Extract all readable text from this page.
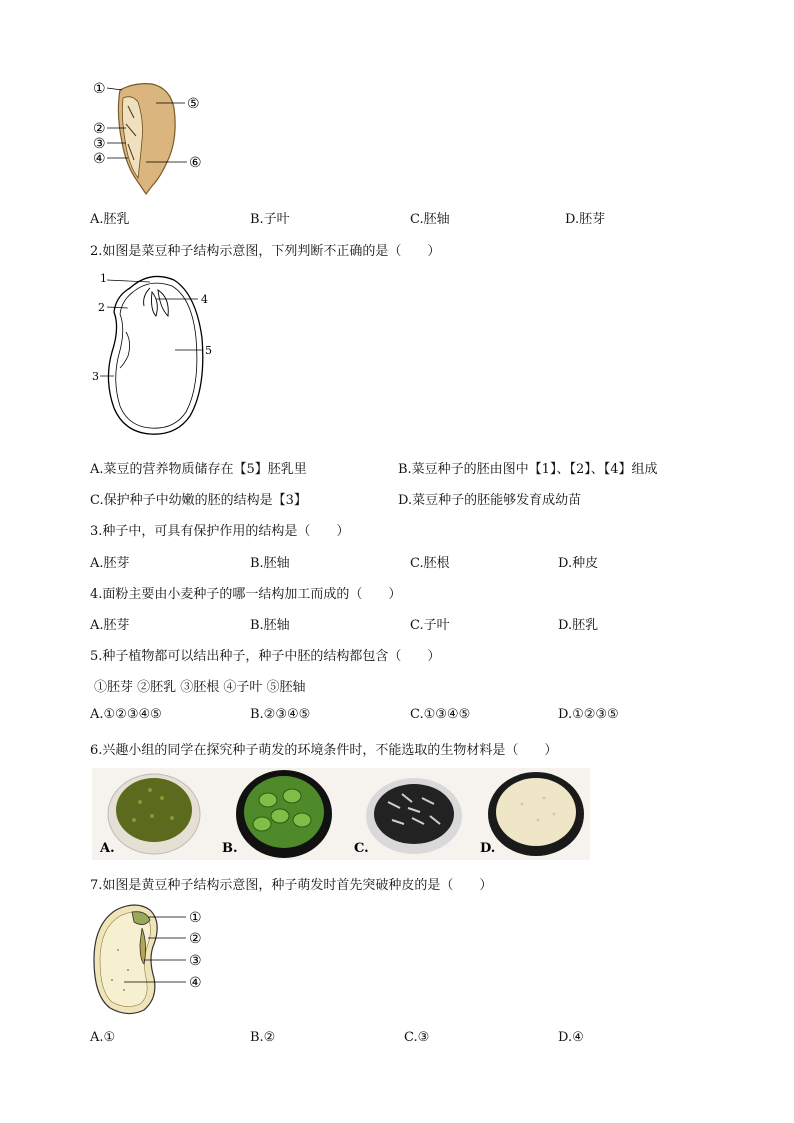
①
②
③
④
⑤
⑥
A.胚乳	B.子叶	C.胚轴	D.胚芽
2.如图是菜豆种子结构示意图，下列判断不正确的是（　　）
1
2
3
4
5
A.菜豆的营养物质储存在【5】胚乳里	B.菜豆种子的胚由图中【1】、【2】、【4】组成
C.保护种子中幼嫩的胚的结构是【3】	D.菜豆种子的胚能够发育成幼苗
3.种子中，可具有保护作用的结构是（　　）
A.胚芽	B.胚轴	C.胚根	D.种皮
4.面粉主要由小麦种子的哪一结构加工而成的（　　）
A.胚芽	B.胚轴	C.子叶	D.胚乳
5.种子植物都可以结出种子，种子中胚的结构都包含（　　）
①胚芽 ②胚乳 ③胚根 ④子叶 ⑤胚轴
A.①②③④⑤	B.②③④⑤	C.①③④⑤	D.①②③⑤
6.兴趣小组的同学在探究种子萌发的环境条件时，不能选取的生物材料是（　　）
A.	B.	C.	D.
7.如图是黄豆种子结构示意图，种子萌发时首先突破种皮的是（　　）
①
②
③
④
A.①	B.②	C.③	D.④
